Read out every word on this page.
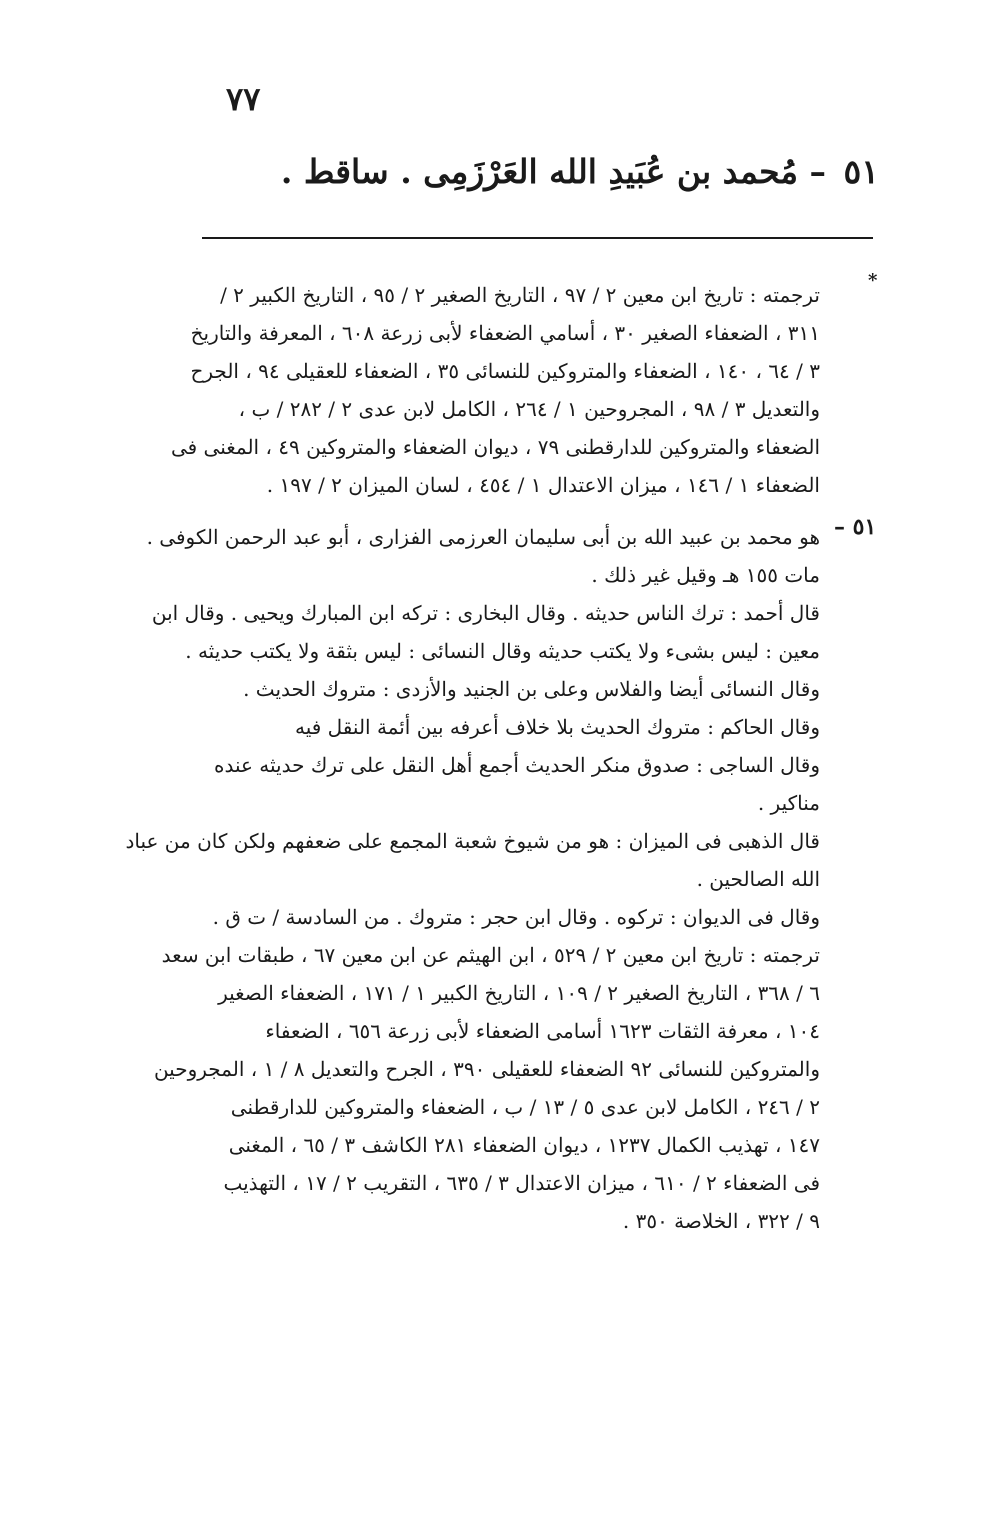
٧٧
٥١ – مُحمد بن عُبَيدِ الله العَرْزَمِى . ساقط .
*
ترجمته : تاريخ ابن معين ٢ / ٩٧ ، التاريخ الصغير ٢ / ٩٥ ، التاريخ الكبير ٢ /
٣١١ ، الضعفاء الصغير ٣٠ ، أسامي الضعفاء لأبى زرعة ٦٠٨ ، المعرفة والتاريخ
٣ / ٦٤ ، ١٤٠ ، الضعفاء والمتروكين للنسائى ٣٥ ، الضعفاء للعقيلى ٩٤ ، الجرح
والتعديل ٣ / ٩٨ ، المجروحين ١ / ٢٦٤ ، الكامل لابن عدى ٢ / ٢٨٢ / ب ،
الضعفاء والمتروكين للدارقطنى ٧٩ ، ديوان الضعفاء والمتروكين ٤٩ ، المغنى فى
الضعفاء ١ / ١٤٦ ، ميزان الاعتدال ١ / ٤٥٤ ، لسان الميزان ٢ / ١٩٧ .
٥١ –
هو محمد بن عبيد الله بن أبى سليمان العرزمى الفزارى ، أبو عبد الرحمن الكوفى .
مات ١٥٥ هـ وقيل غير ذلك .
قال أحمد : ترك الناس حديثه . وقال البخارى : تركه ابن المبارك ويحيى . وقال ابن
معين : ليس بشىء ولا يكتب حديثه وقال النسائى : ليس بثقة ولا يكتب حديثه .
وقال النسائى أيضا والفلاس وعلى بن الجنيد والأزدى : متروك الحديث .
وقال الحاكم : متروك الحديث بلا خلاف أعرفه بين أئمة النقل فيه
وقال الساجى : صدوق منكر الحديث أجمع أهل النقل على ترك حديثه عنده
مناكير .
قال الذهبى فى الميزان : هو من شيوخ شعبة المجمع على ضعفهم ولكن كان من عباد
الله الصالحين .
وقال فى الديوان : تركوه . وقال ابن حجر : متروك . من السادسة / ت ق .
ترجمته : تاريخ ابن معين ٢ / ٥٢٩ ، ابن الهيثم عن ابن معين ٦٧ ، طبقات ابن سعد
٦ / ٣٦٨ ، التاريخ الصغير ٢ / ١٠٩ ، التاريخ الكبير ١ / ١٧١ ، الضعفاء الصغير
١٠٤ ، معرفة الثقات ١٦٢٣ أسامى الضعفاء لأبى زرعة ٦٥٦ ، الضعفاء
والمتروكين للنسائى ٩٢ الضعفاء للعقيلى ٣٩٠ ، الجرح والتعديل ٨ / ١ ، المجروحين
٢ / ٢٤٦ ، الكامل لابن عدى ٥ / ١٣ / ب ، الضعفاء والمتروكين للدارقطنى
١٤٧ ، تهذيب الكمال ١٢٣٧ ، ديوان الضعفاء ٢٨١ الكاشف ٣ / ٦٥ ، المغنى
فى الضعفاء ٢ / ٦١٠ ، ميزان الاعتدال ٣ / ٦٣٥ ، التقريب ٢ / ١٧ ، التهذيب
٩ / ٣٢٢ ، الخلاصة ٣٥٠ .
